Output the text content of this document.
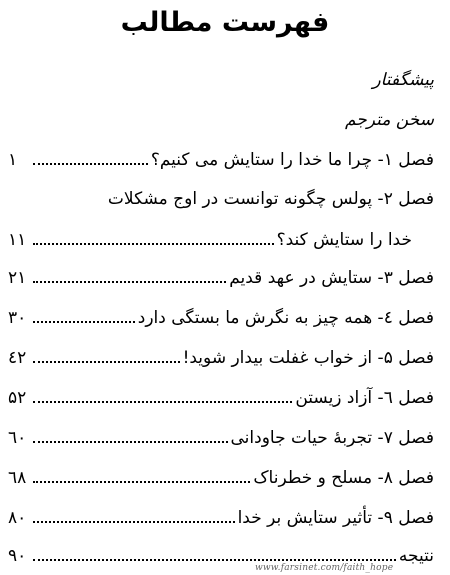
فهرست مطالب
پیشگفتار
سخن مترجم
فصل ۱- چرا ما خدا را ستایش می کنیم؟
۱
فصل ۲- پولس چگونه توانست در اوج مشکلات
خدا را ستایش کند؟
۱۱
فصل ۳- ستایش در عهد قدیم
۲۱
فصل ٤- همه چیز به نگرش ما بستگی دارد
۳۰
فصل ۵- از خواب غفلت بیدار شوید!
٤۲
فصل ٦- آزاد زیستن
۵۲
فصل ۷- تجربهٔ حیات جاودانی
٦۰
فصل ۸- مسلح و خطرناک
٦۸
فصل ۹- تأثیر ستایش بر خدا
۸۰
نتیجه
۹۰
www.farsinet.com/faith_hope
